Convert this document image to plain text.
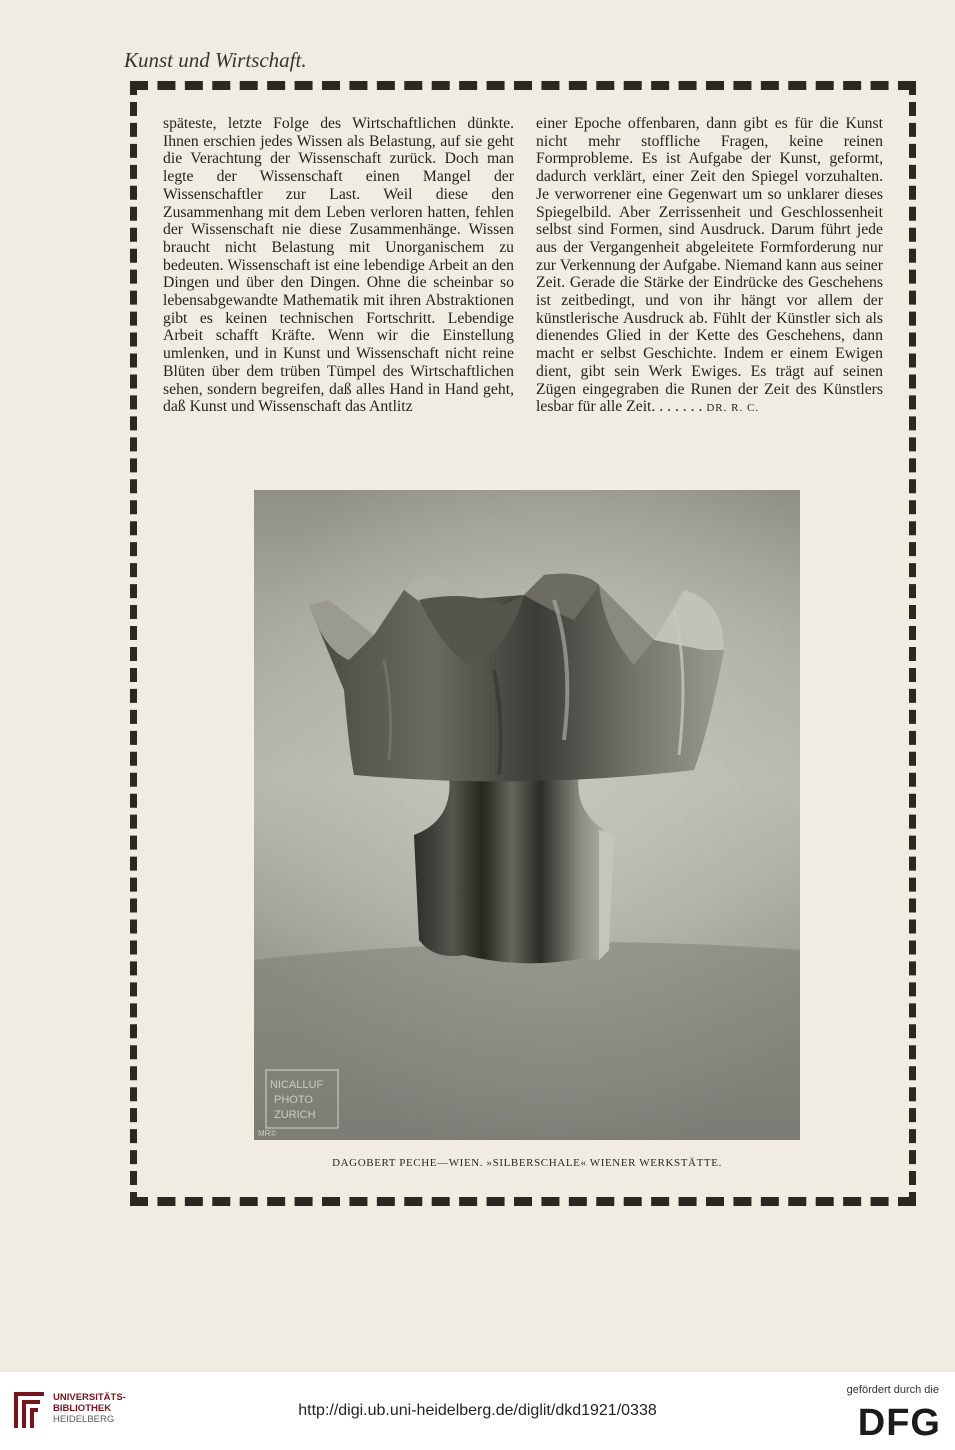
Kunst und Wirtschaft.

späteste, letzte Folge des Wirtschaftlichen dünkte. Ihnen erschien jedes Wissen als Belastung, auf sie geht die Verachtung der Wissenschaft zurück. Doch man legte der Wissenschaft einen Mangel der Wissenschaftler zur Last. Weil diese den Zusammenhang mit dem Leben verloren hatten, fehlen der Wissenschaft nie diese Zusammenhänge. Wissen braucht nicht Belastung mit Unorganischem zu bedeuten. Wissenschaft ist eine lebendige Arbeit an den Dingen und über den Dingen. Ohne die scheinbar so lebensabgewandte Mathematik mit ihren Abstraktionen gibt es keinen technischen Fortschritt. Lebendige Arbeit schafft Kräfte. Wenn wir die Einstellung umlenken, und in Kunst und Wissenschaft nicht reine Blüten über dem trüben Tümpel des Wirtschaftlichen sehen, sondern begreifen, daß alles Hand in Hand geht, daß Kunst und Wissenschaft das Antlitz

einer Epoche offenbaren, dann gibt es für die Kunst nicht mehr stoffliche Fragen, keine reinen Formprobleme. Es ist Aufgabe der Kunst, geformt, dadurch verklärt, einer Zeit den Spiegel vorzuhalten. Je verworrener eine Gegenwart um so unklarer dieses Spiegelbild. Aber Zerrissenheit und Geschlossenheit selbst sind Formen, sind Ausdruck. Darum führt jede aus der Vergangenheit abgeleitete Formforderung nur zur Verkennung der Aufgabe. Niemand kann aus seiner Zeit. Gerade die Stärke der Eindrücke des Geschehens ist zeitbedingt, und von ihr hängt vor allem der künstlerische Ausdruck ab. Fühlt der Künstler sich als dienendes Glied in der Kette des Geschehens, dann macht er selbst Geschichte. Indem er einem Ewigen dient, gibt sein Werk Ewiges. Es trägt auf seinen Zügen eingegraben die Runen der Zeit des Künstlers lesbar für alle Zeit. . . . . . . DR. R. C.

NICALLUF
PHOTO
ZURICH
MR©
DAGOBERT PECHE—WIEN. »SILBERSCHALE« WIENER WERKSTÄTTE.
UNIVERSITÄTS-
BIBLIOTHEK
HEIDELBERG
http://digi.ub.uni-heidelberg.de/diglit/dkd1921/0338
gefördert durch die
DFG
